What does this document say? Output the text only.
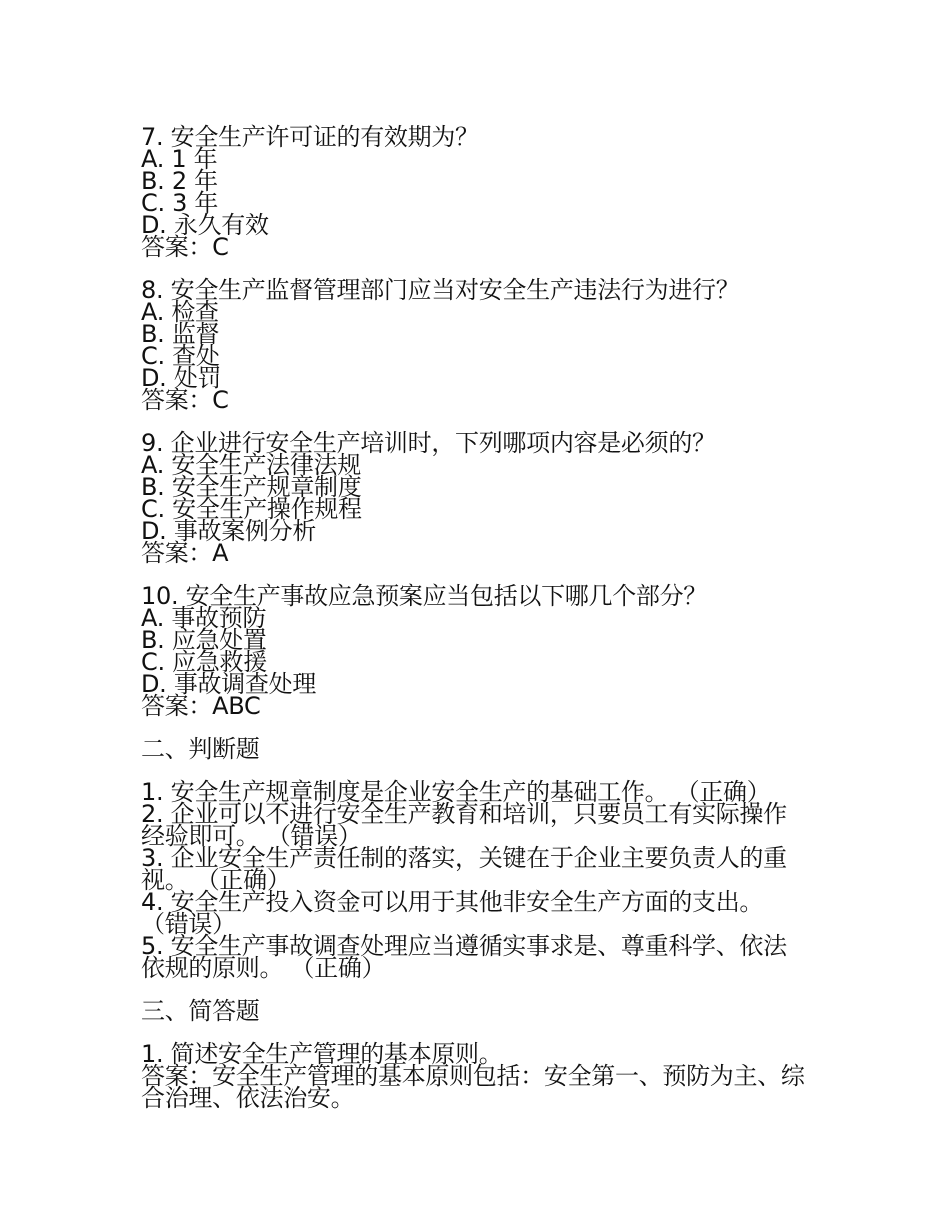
7. 安全生产许可证的有效期为？
A. 1 年
B. 2 年
C. 3 年
D. 永久有效
答案：C
8. 安全生产监督管理部门应当对安全生产违法行为进行？
A. 检查
B. 监督
C. 查处
D. 处罚
答案：C
9. 企业进行安全生产培训时，下列哪项内容是必须的？
A. 安全生产法律法规
B. 安全生产规章制度
C. 安全生产操作规程
D. 事故案例分析
答案：A
10. 安全生产事故应急预案应当包括以下哪几个部分？
A. 事故预防
B. 应急处置
C. 应急救援
D. 事故调查处理
答案：ABC
二、判断题
1. 安全生产规章制度是企业安全生产的基础工作。 （正确）
2. 企业可以不进行安全生产教育和培训，只要员工有实际操作经验即可。 （错误）
3. 企业安全生产责任制的落实，关键在于企业主要负责人的重视。 （正确）
4. 安全生产投入资金可以用于其他非安全生产方面的支出。 （错误）
5. 安全生产事故调查处理应当遵循实事求是、尊重科学、依法依规的原则。 （正确）
三、简答题
1. 简述安全生产管理的基本原则。
答案：安全生产管理的基本原则包括：安全第一、预防为主、综合治理、依法治安。
